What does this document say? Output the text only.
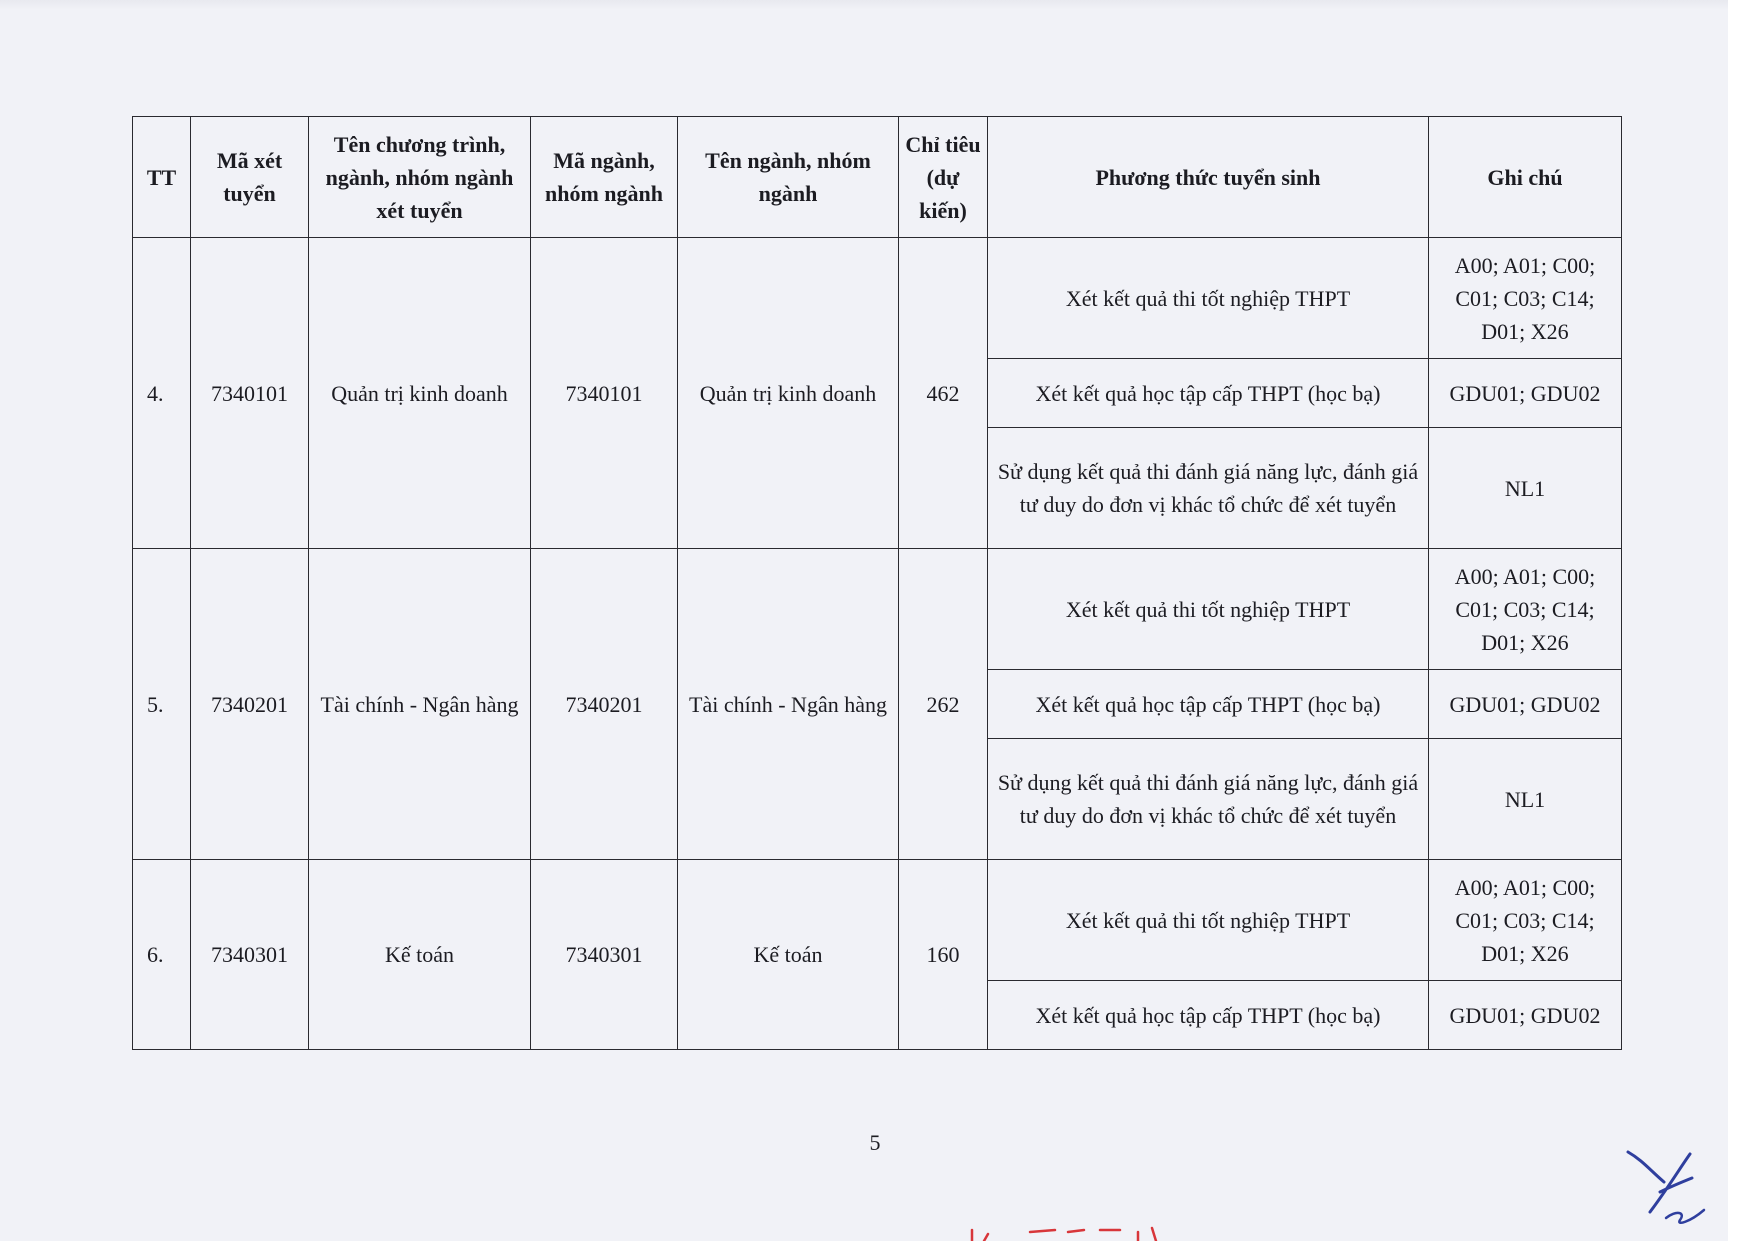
TT	Mã xét tuyển	Tên chương trình, ngành, nhóm ngành xét tuyển	Mã ngành, nhóm ngành	Tên ngành, nhóm ngành	Chỉ tiêu (dự kiến)	Phương thức tuyển sinh	Ghi chú
4.	7340101	Quản trị kinh doanh	7340101	Quản trị kinh doanh	462	Xét kết quả thi tốt nghiệp THPT	A00; A01; C00; C01; C03; C14; D01; X26
						Xét kết quả học tập cấp THPT (học bạ)	GDU01; GDU02
						Sử dụng kết quả thi đánh giá năng lực, đánh giá tư duy do đơn vị khác tổ chức để xét tuyển	NL1
5.	7340201	Tài chính - Ngân hàng	7340201	Tài chính - Ngân hàng	262	Xét kết quả thi tốt nghiệp THPT	A00; A01; C00; C01; C03; C14; D01; X26
						Xét kết quả học tập cấp THPT (học bạ)	GDU01; GDU02
						Sử dụng kết quả thi đánh giá năng lực, đánh giá tư duy do đơn vị khác tổ chức để xét tuyển	NL1
6.	7340301	Kế toán	7340301	Kế toán	160	Xét kết quả thi tốt nghiệp THPT	A00; A01; C00; C01; C03; C14; D01; X26
						Xét kết quả học tập cấp THPT (học bạ)	GDU01; GDU02
5
